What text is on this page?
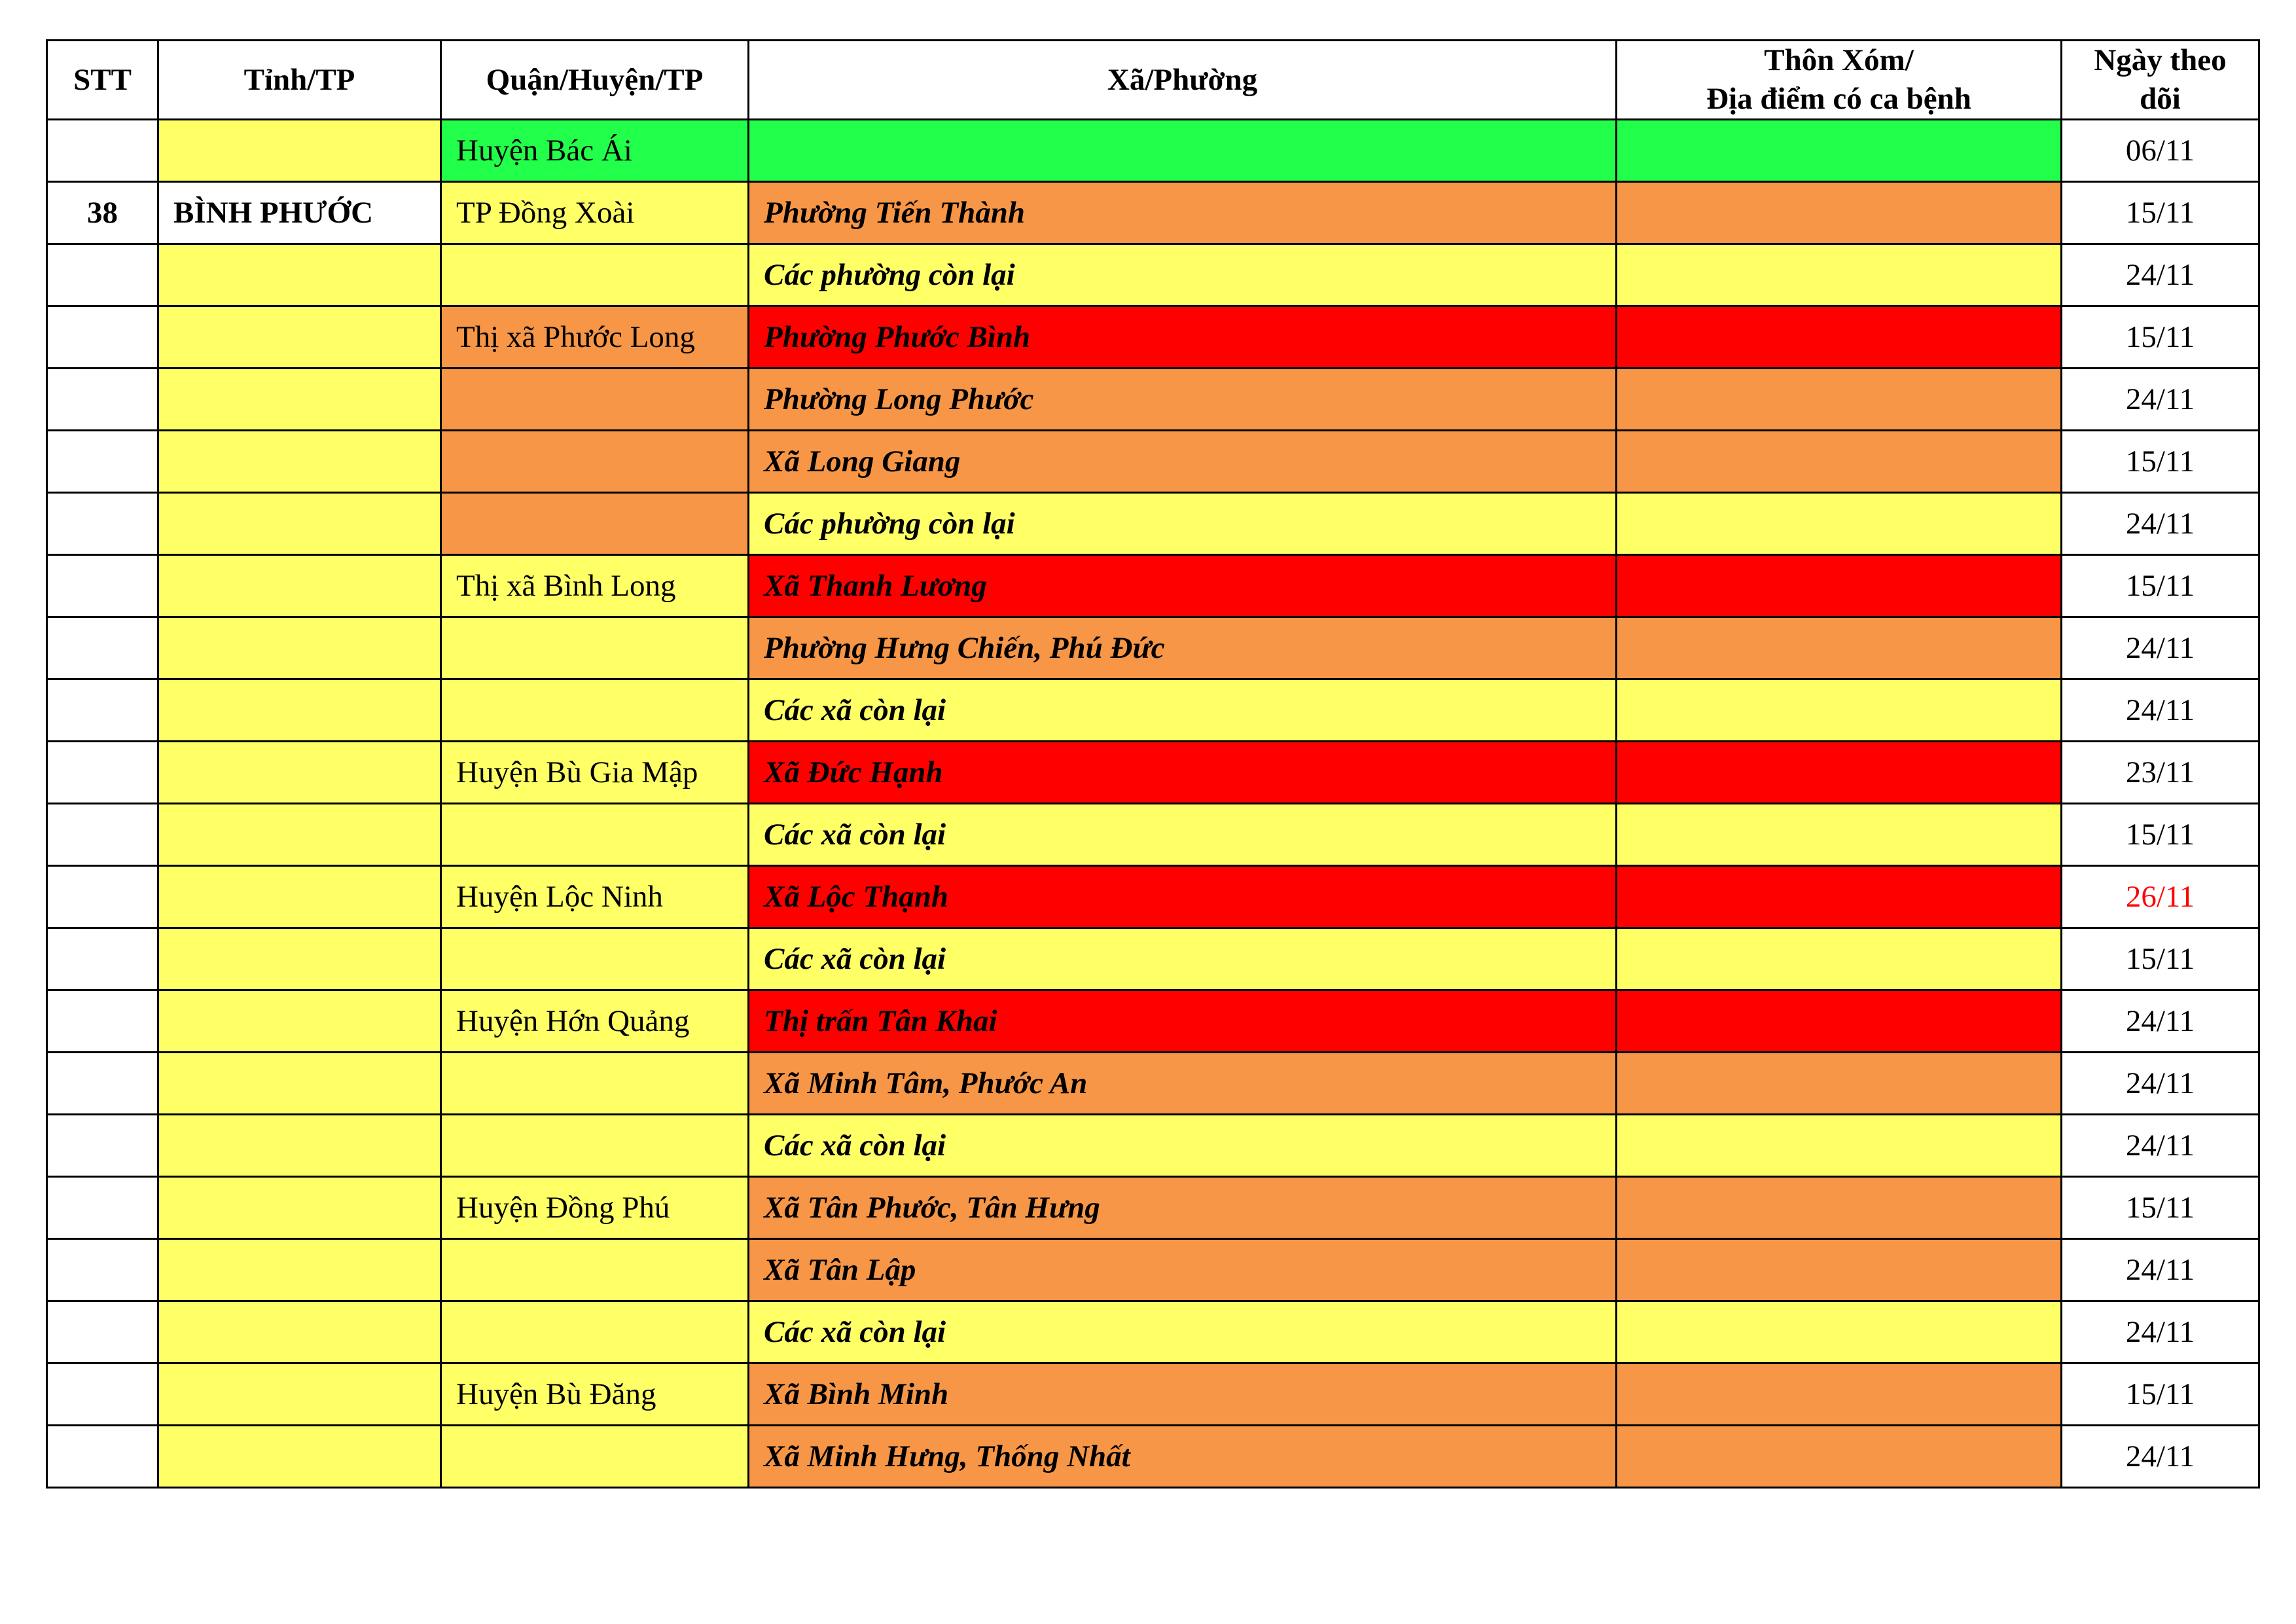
STT	Tỉnh/TP	Quận/Huyện/TP	Xã/Phường	Thôn Xóm/
Địa điểm có ca bệnh	Ngày theo
dõi
		Huyện Bác Ái			06/11
38	BÌNH PHƯỚC	TP Đồng Xoài	Phường Tiến Thành		15/11
			Các phường còn lại		24/11
		Thị xã Phước Long	Phường Phước Bình		15/11
			Phường Long Phước		24/11
			Xã Long Giang		15/11
			Các phường còn lại		24/11
		Thị xã Bình Long	Xã Thanh Lương		15/11
			Phường Hưng Chiến, Phú Đức		24/11
			Các xã còn lại		24/11
		Huyện Bù Gia Mập	Xã Đức Hạnh		23/11
			Các xã còn lại		15/11
		Huyện Lộc Ninh	Xã Lộc Thạnh		26/11
			Các xã còn lại		15/11
		Huyện Hớn Quảng	Thị trấn Tân Khai		24/11
			Xã Minh Tâm, Phước An		24/11
			Các xã còn lại		24/11
		Huyện Đồng Phú	Xã Tân Phước, Tân Hưng		15/11
			Xã Tân Lập		24/11
			Các xã còn lại		24/11
		Huyện Bù Đăng	Xã Bình Minh		15/11
			Xã Minh Hưng, Thống Nhất		24/11
